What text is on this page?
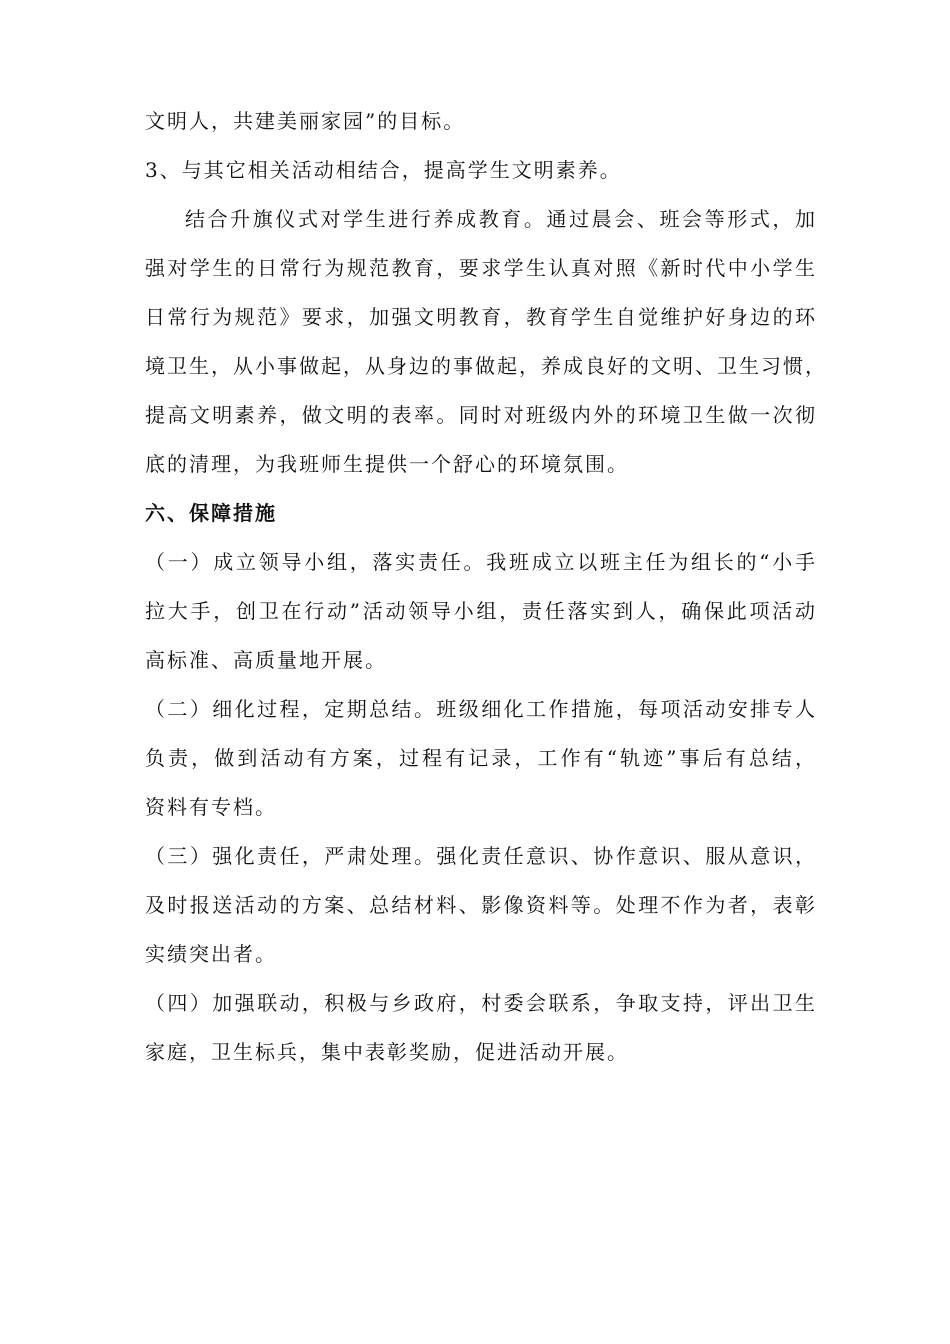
文明人，共建美丽家园”的目标。

3、与其它相关活动相结合，提高学生文明素养。

结合升旗仪式对学生进行养成教育。通过晨会、班会等形式，加
强对学生的日常行为规范教育，要求学生认真对照《新时代中小学生
日常行为规范》要求，加强文明教育，教育学生自觉维护好身边的环
境卫生，从小事做起，从身边的事做起，养成良好的文明、卫生习惯，
提高文明素养，做文明的表率。同时对班级内外的环境卫生做一次彻
底的清理，为我班师生提供一个舒心的环境氛围。

六、保障措施

（一）成立领导小组，落实责任。我班成立以班主任为组长的“小手
拉大手，创卫在行动”活动领导小组，责任落实到人，确保此项活动
高标准、高质量地开展。

（二）细化过程，定期总结。班级细化工作措施，每项活动安排专人
负责，做到活动有方案，过程有记录，工作有“轨迹”事后有总结，
资料有专档。

（三）强化责任，严肃处理。强化责任意识、协作意识、服从意识，
及时报送活动的方案、总结材料、影像资料等。处理不作为者，表彰
实绩突出者。

（四）加强联动，积极与乡政府，村委会联系，争取支持，评出卫生
家庭，卫生标兵，集中表彰奖励，促进活动开展。
